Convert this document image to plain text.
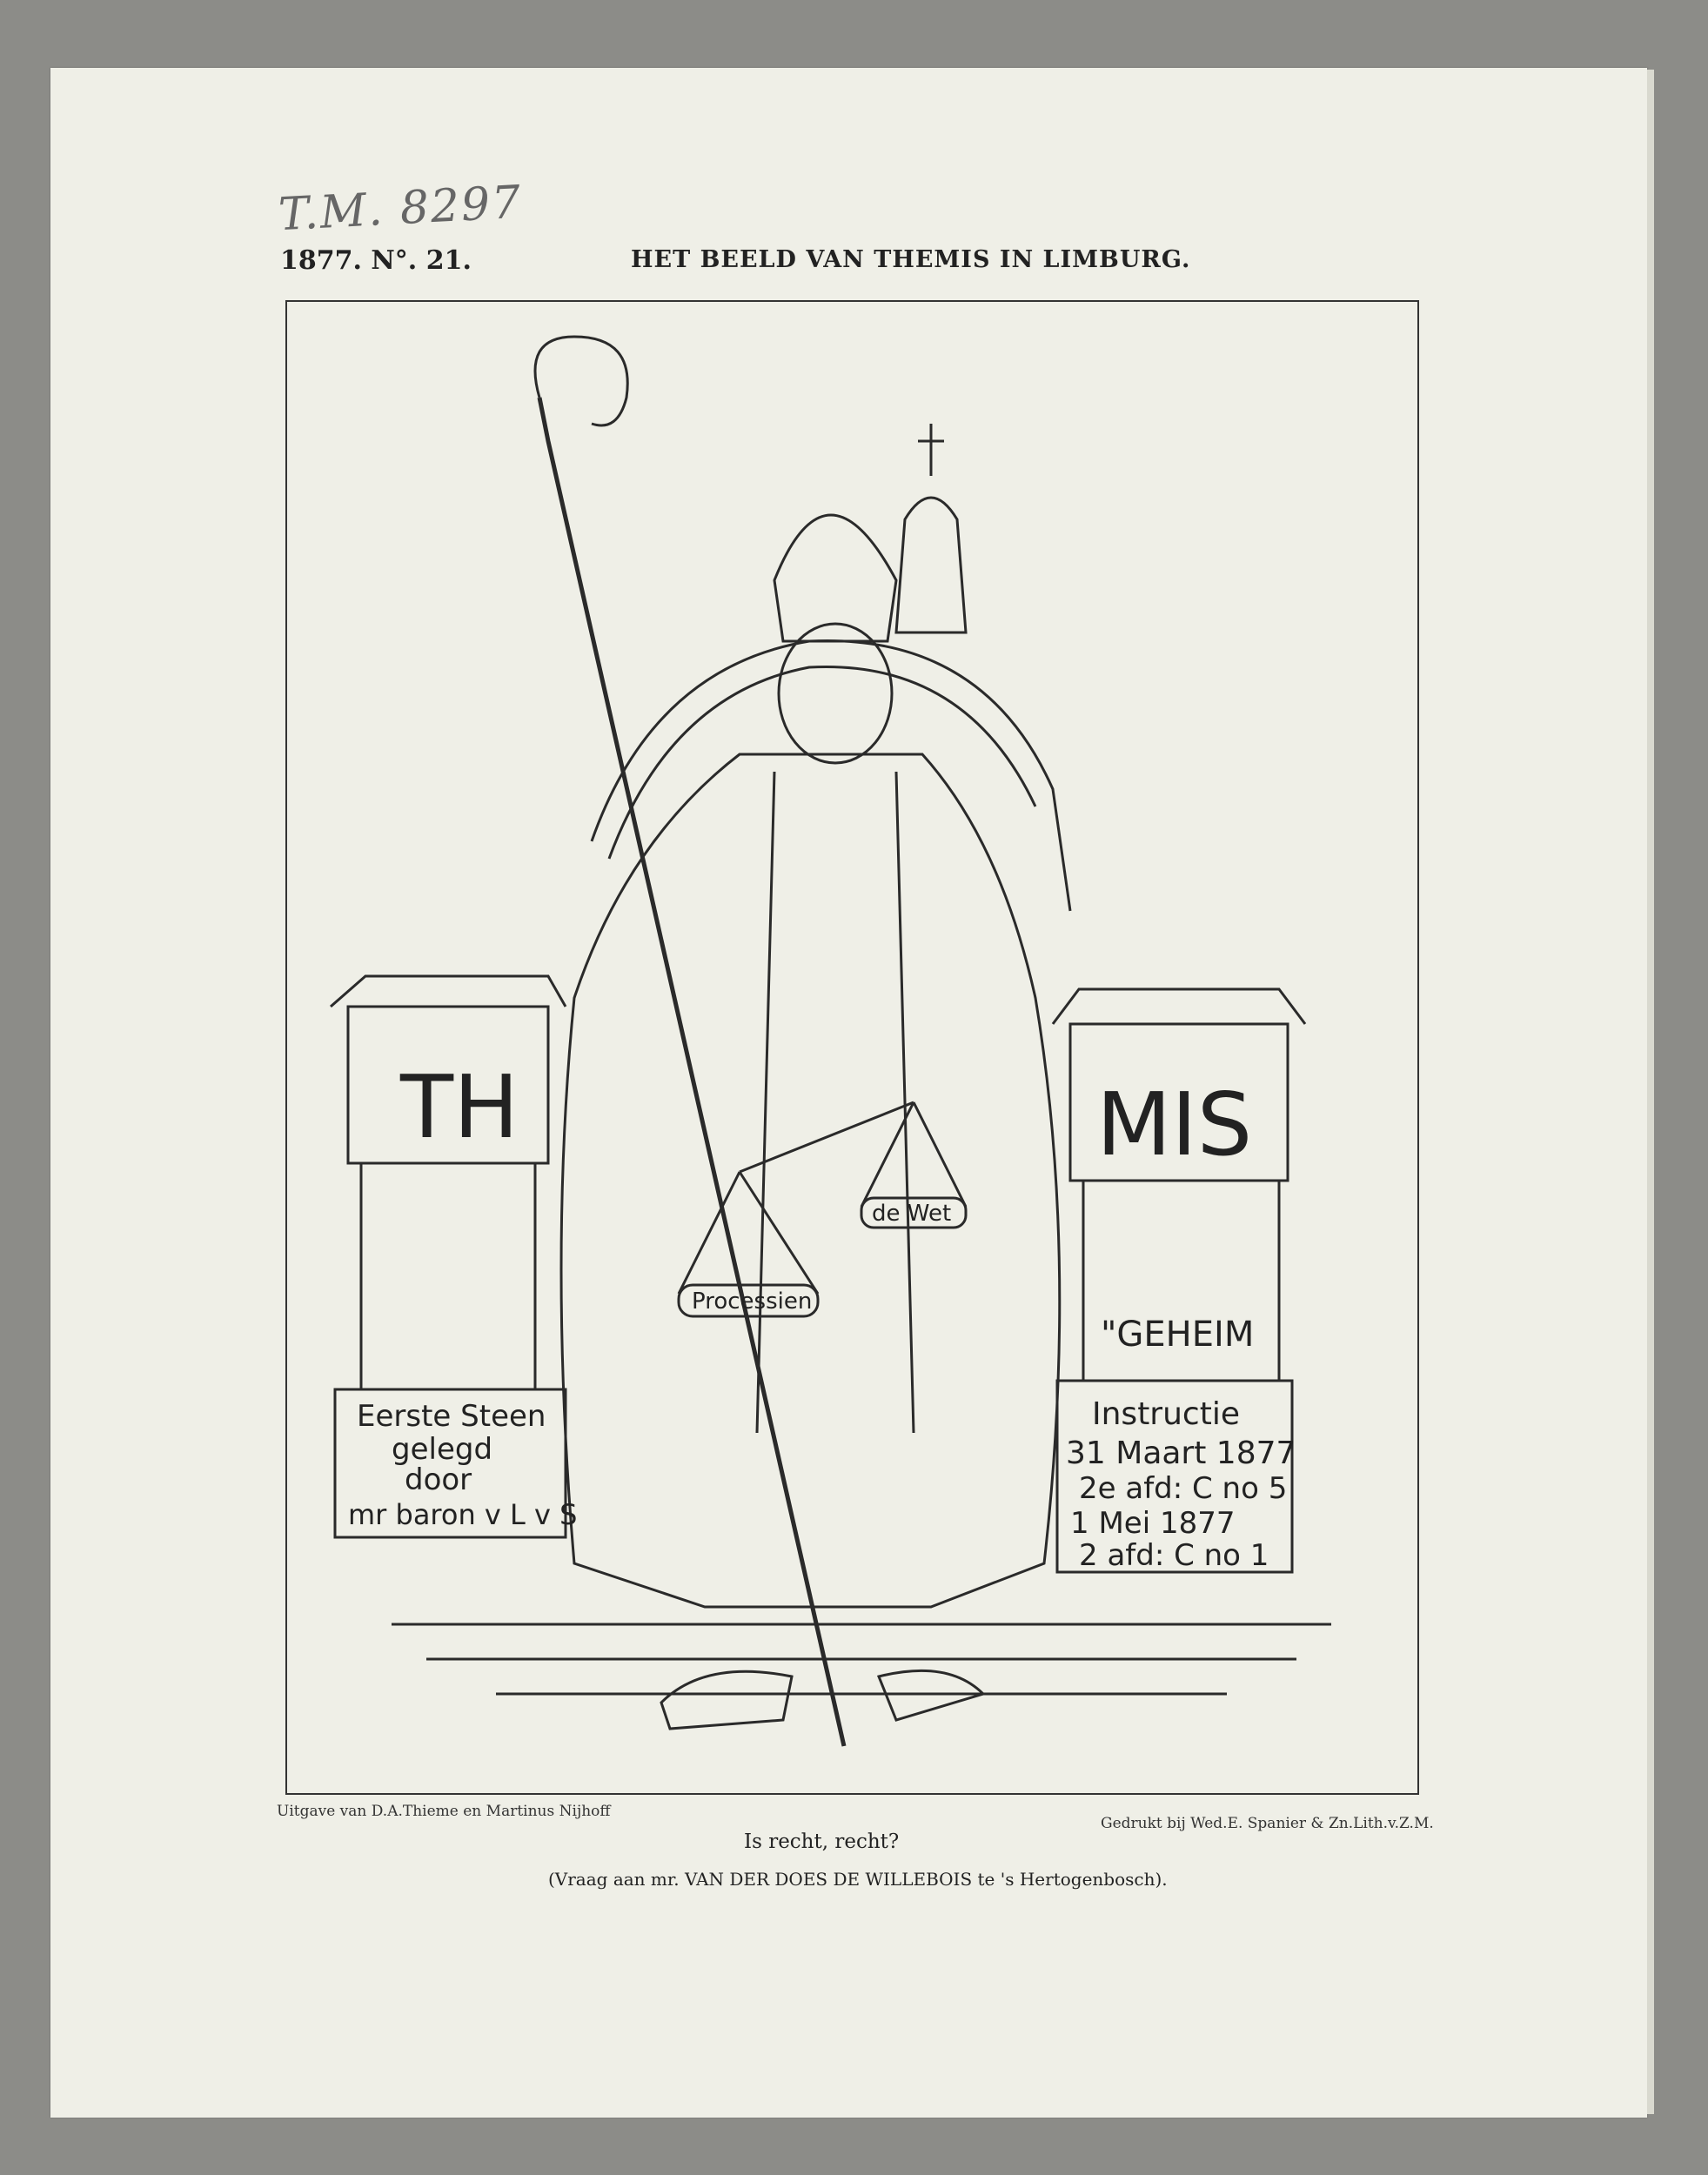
T.M. 8297
1877. N°. 21.	HET BEELD VAN THEMIS IN LIMBURG.
TH	MIS
Processien
de Wet
"GEHEIM
Eerste Steen
gelegd
door
mr baron v L v S
Instructie
31 Maart 1877
2e afd: C no 5
1 Mei 1877
2 afd: C no 1
Uitgave van D.A.Thieme en Martinus Nijhoff
Gedrukt bij Wed.E. Spanier & Zn.Lith.v.Z.M.
Is recht, recht?
(Vraag aan mr. VAN DER DOES DE WILLEBOIS te 's Hertogenbosch).
